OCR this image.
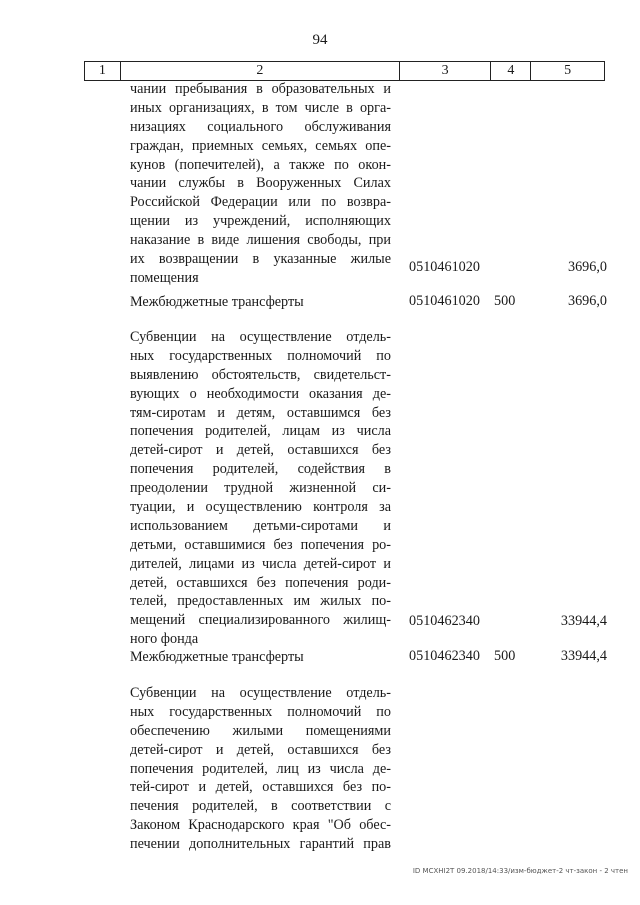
94
1	2	3	4	5
чании пребывания в образовательных и
иных организациях, в том числе в орга-
низациях социального обслуживания
граждан, приемных семьях, семьях опе-
кунов (попечителей), а также по окон-
чании службы в Вооруженных Силах
Российской Федерации или по возвра-
щении из учреждений, исполняющих
наказание в виде лишения свободы, при
их возвращении в указанные жилые
помещения
0510461020	3696,0
Межбюджетные трансферты	0510461020 500	3696,0
Субвенции на осуществление отдель-
ных государственных полномочий по
выявлению обстоятельств, свидетельст-
вующих о необходимости оказания де-
тям-сиротам и детям, оставшимся без
попечения родителей, лицам из числа
детей-сирот и детей, оставшихся без
попечения родителей, содействия в
преодолении трудной жизненной си-
туации, и осуществлению контроля за
использованием детьми-сиротами и
детьми, оставшимися без попечения ро-
дителей, лицами из числа детей-сирот и
детей, оставшихся без попечения роди-
телей, предоставленных им жилых по-
мещений специализированного жилищ-
ного фонда
0510462340	33944,4
Межбюджетные трансферты	0510462340 500	33944,4
Субвенции на осуществление отдель-
ных государственных полномочий по
обеспечению жилыми помещениями
детей-сирот и детей, оставшихся без
попечения родителей, лиц из числа де-
тей-сирот и детей, оставшихся без по-
печения родителей, в соответствии с
Законом Краснодарского края "Об обес-
печении дополнительных гарантий прав
ID MCXHI2Т 09.2018/14:33/изм-бюджет-2 чт-закон - 2 чтен
